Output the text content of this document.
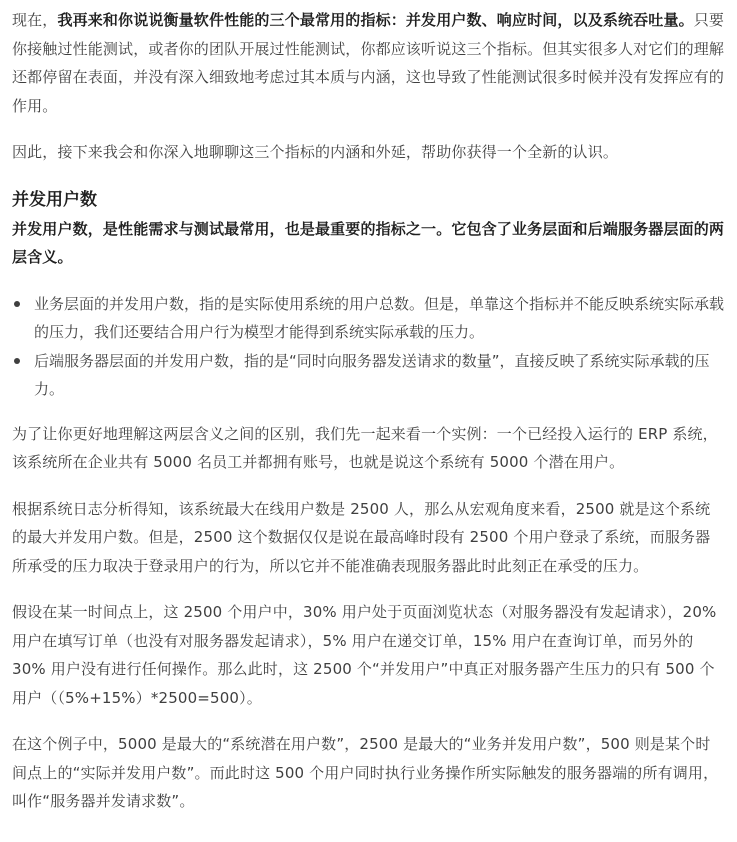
现在，我再来和你说说衡量软件性能的三个最常用的指标：并发用户数、响应时间，以及系统吞吐量。只要你接触过性能测试，或者你的团队开展过性能测试，你都应该听说这三个指标。但其实很多人对它们的理解还都停留在表面，并没有深入细致地考虑过其本质与内涵，这也导致了性能测试很多时候并没有发挥应有的作用。

因此，接下来我会和你深入地聊聊这三个指标的内涵和外延，帮助你获得一个全新的认识。

并发用户数

并发用户数，是性能需求与测试最常用，也是最重要的指标之一。它包含了业务层面和后端服务器层面的两层含义。

业务层面的并发用户数，指的是实际使用系统的用户总数。但是，单靠这个指标并不能反映系统实际承载的压力，我们还要结合用户行为模型才能得到系统实际承载的压力。
后端服务器层面的并发用户数，指的是“同时向服务器发送请求的数量”，直接反映了系统实际承载的压力。

为了让你更好地理解这两层含义之间的区别，我们先一起来看一个实例：一个已经投入运行的 ERP 系统，该系统所在企业共有 5000 名员工并都拥有账号，也就是说这个系统有 5000 个潜在用户。

根据系统日志分析得知，该系统最大在线用户数是 2500 人，那么从宏观角度来看，2500 就是这个系统的最大并发用户数。但是，2500 这个数据仅仅是说在最高峰时段有 2500 个用户登录了系统，而服务器所承受的压力取决于登录用户的行为，所以它并不能准确表现服务器此时此刻正在承受的压力。

假设在某一时间点上，这 2500 个用户中，30% 用户处于页面浏览状态（对服务器没有发起请求），20% 用户在填写订单（也没有对服务器发起请求），5% 用户在递交订单，15% 用户在查询订单，而另外的 30% 用户没有进行任何操作。那么此时，这 2500 个“并发用户”中真正对服务器产生压力的只有 500 个用户（（5%+15%）*2500=500）。

在这个例子中，5000 是最大的“系统潜在用户数”，2500 是最大的“业务并发用户数”，500 则是某个时间点上的“实际并发用户数”。而此时这 500 个用户同时执行业务操作所实际触发的服务器端的所有调用，叫作“服务器并发请求数”。
